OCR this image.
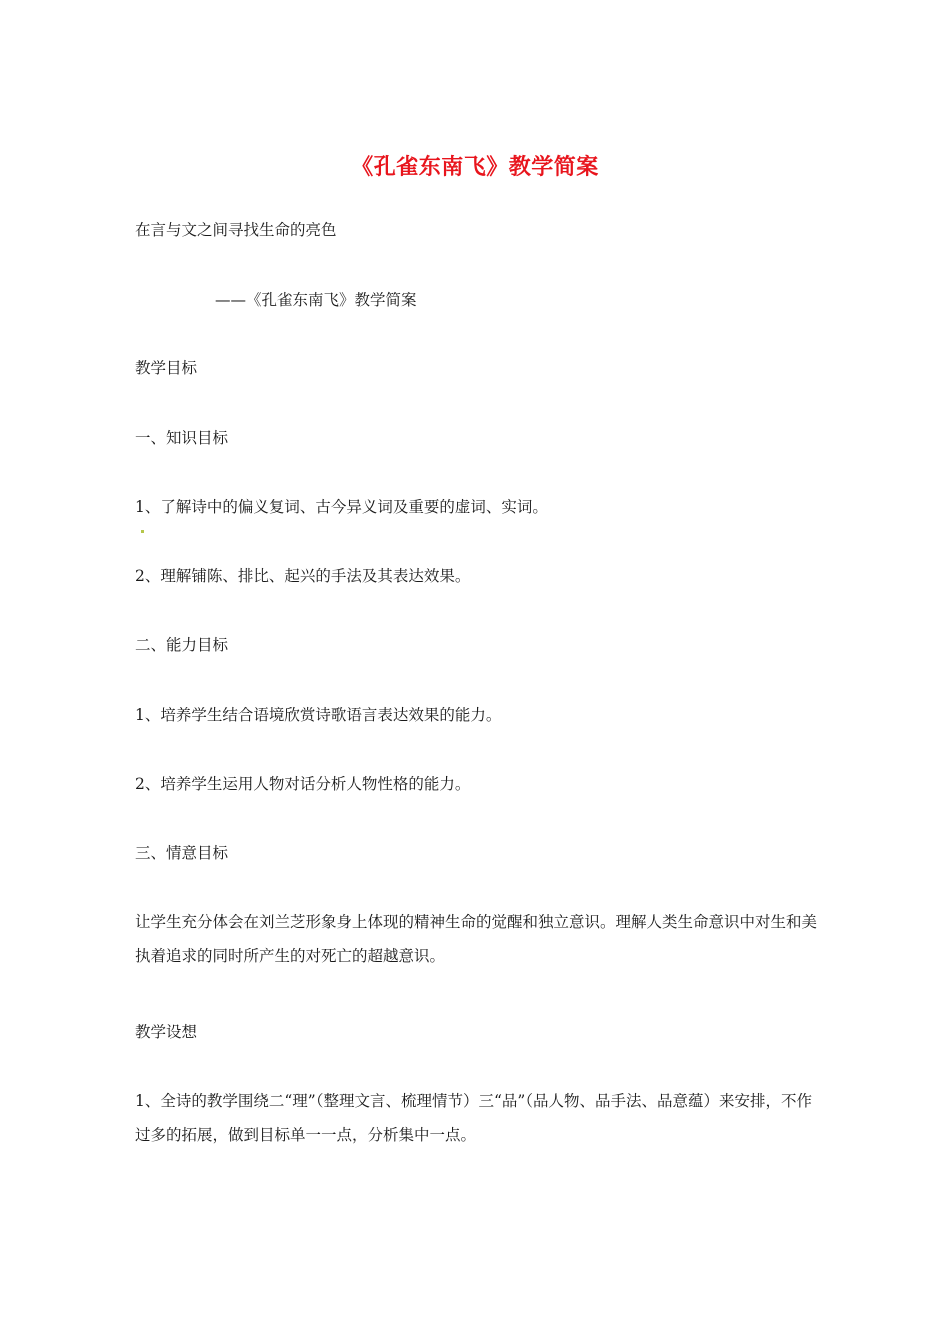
《孔雀东南飞》教学简案
在言与文之间寻找生命的亮色
——《孔雀东南飞》教学简案
教学目标
一、知识目标
1、了解诗中的偏义复词、古今异义词及重要的虚词、实词。
2、理解铺陈、排比、起兴的手法及其表达效果。
二、能力目标
1、培养学生结合语境欣赏诗歌语言表达效果的能力。
2、培养学生运用人物对话分析人物性格的能力。
三、情意目标
让学生充分体会在刘兰芝形象身上体现的精神生命的觉醒和独立意识。理解人类生命意识中对生和美执着追求的同时所产生的对死亡的超越意识。
教学设想
1、全诗的教学围绕二“理”（整理文言、梳理情节）三“品”（品人物、品手法、品意蕴）来安排，不作过多的拓展，做到目标单一一点，分析集中一点。
